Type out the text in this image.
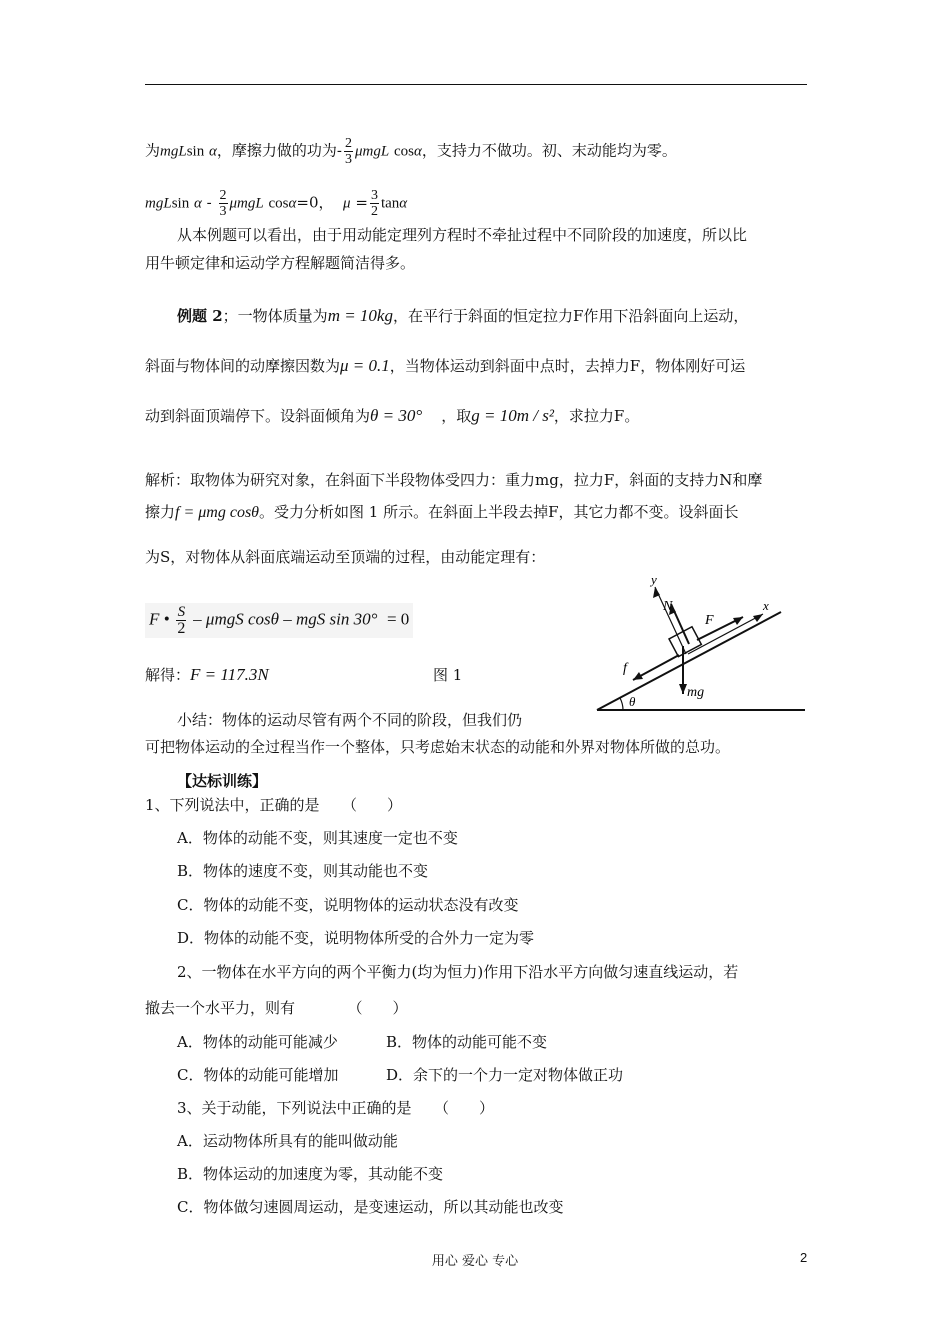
为mgLsin α，摩擦力做的功为- $\frac{2}{3}$ μmgL cosα，支持力不做功。初、末动能均为零。
mgLsin α - $\frac{2}{3}$ μmgL cosα=0， $\mu = \frac{3}{2}$ tanα
从本例题可以看出，由于用动能定理列方程时不牵扯过程中不同阶段的加速度，所以比
用牛顿定律和运动学方程解题简洁得多。
例题 2；一物体质量为m = 10kg，在平行于斜面的恒定拉力F作用下沿斜面向上运动，
斜面与物体间的动摩擦因数为μ = 0.1，当物体运动到斜面中点时，去掉力F，物体刚好可运
动到斜面顶端停下。设斜面倾角为θ = 30° ，取g = 10m / s²，求拉力F。
解析：取物体为研究对象，在斜面下半段物体受四力：重力mg，拉力F，斜面的支持力N和摩
擦力f = μmg cosθ。受力分析如图 1 所示。在斜面上半段去掉F，其它力都不变。设斜面长
为S，对物体从斜面底端运动至顶端的过程，由动能定理有：
F • $\frac{S}{2}$ – μmgS cosθ – mgS sin 30° = 0
解得：F = 117.3N	图 1
y
N	x
F
f
mg
θ
小结：物体的运动尽管有两个不同的阶段，但我们仍
可把物体运动的全过程当作一个整体，只考虑始末状态的动能和外界对物体所做的总功。
【达标训练】
1、下列说法中，正确的是　　（　　）
A．物体的动能不变，则其速度一定也不变
B．物体的速度不变，则其动能也不变
C．物体的动能不变，说明物体的运动状态没有改变
D．物体的动能不变，说明物体所受的合外力一定为零
2、一物体在水平方向的两个平衡力(均为恒力)作用下沿水平方向做匀速直线运动，若
撤去一个水平力，则有　　　　（　　）
A．物体的动能可能减少	B．物体的动能可能不变
C．物体的动能可能增加	D．余下的一个力一定对物体做正功
3、关于动能，下列说法中正确的是　　（　　）
A．运动物体所具有的能叫做动能
B．物体运动的加速度为零，其动能不变
C．物体做匀速圆周运动，是变速运动，所以其动能也改变
用心 爱心 专心	2
